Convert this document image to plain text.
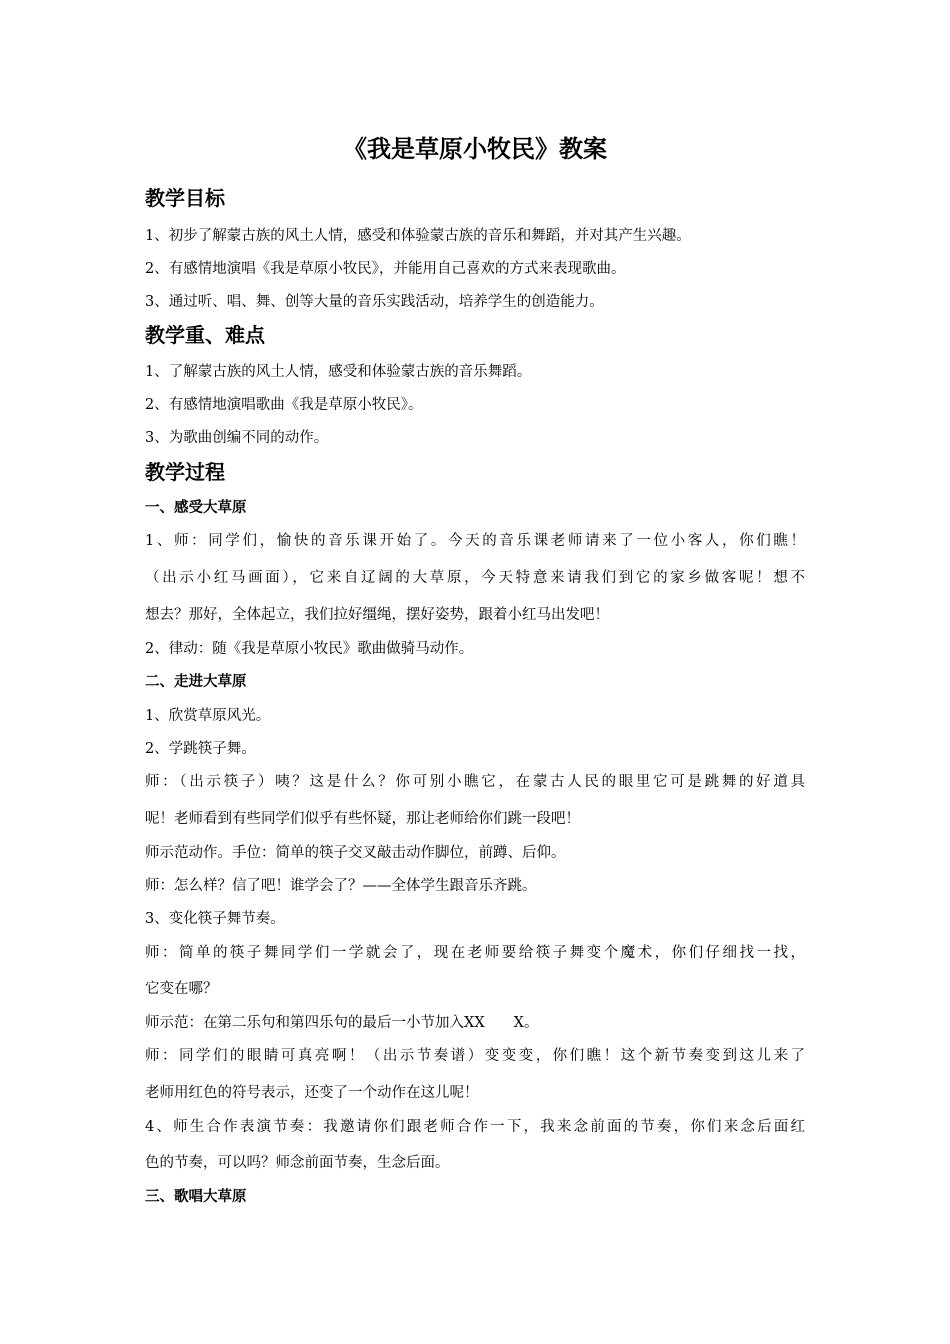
《我是草原小牧民》教案
教学目标
1、初步了解蒙古族的风土人情，感受和体验蒙古族的音乐和舞蹈，并对其产生兴趣。
2、有感情地演唱《我是草原小牧民》，并能用自己喜欢的方式来表现歌曲。
3、通过听、唱、舞、创等大量的音乐实践活动，培养学生的创造能力。
教学重、难点
1、了解蒙古族的风土人情，感受和体验蒙古族的音乐舞蹈。
2、有感情地演唱歌曲《我是草原小牧民》。
3、为歌曲创编不同的动作。
教学过程
一、感受大草原
1、师：同学们，愉快的音乐课开始了。今天的音乐课老师请来了一位小客人，你们瞧！
（出示小红马画面），它来自辽阔的大草原，今天特意来请我们到它的家乡做客呢！想不
想去？那好，全体起立，我们拉好缰绳，摆好姿势，跟着小红马出发吧！
2、律动：随《我是草原小牧民》歌曲做骑马动作。
二、走进大草原
1、欣赏草原风光。
2、学跳筷子舞。
师：（出示筷子）咦？这是什么？你可别小瞧它，在蒙古人民的眼里它可是跳舞的好道具
呢！老师看到有些同学们似乎有些怀疑，那让老师给你们跳一段吧！
师示范动作。手位：简单的筷子交叉敲击动作脚位，前蹲、后仰。
师：怎么样？信了吧！谁学会了？——全体学生跟音乐齐跳。
3、变化筷子舞节奏。
师：简单的筷子舞同学们一学就会了，现在老师要给筷子舞变个魔术，你们仔细找一找，
它变在哪？
师示范：在第二乐句和第四乐句的最后一小节加入XX　　X。
师：同学们的眼睛可真亮啊！（出示节奏谱）变变变，你们瞧！这个新节奏变到这儿来了
老师用红色的符号表示，还变了一个动作在这儿呢！
4、师生合作表演节奏：我邀请你们跟老师合作一下，我来念前面的节奏，你们来念后面红
色的节奏，可以吗？师念前面节奏，生念后面。
三、歌唱大草原
